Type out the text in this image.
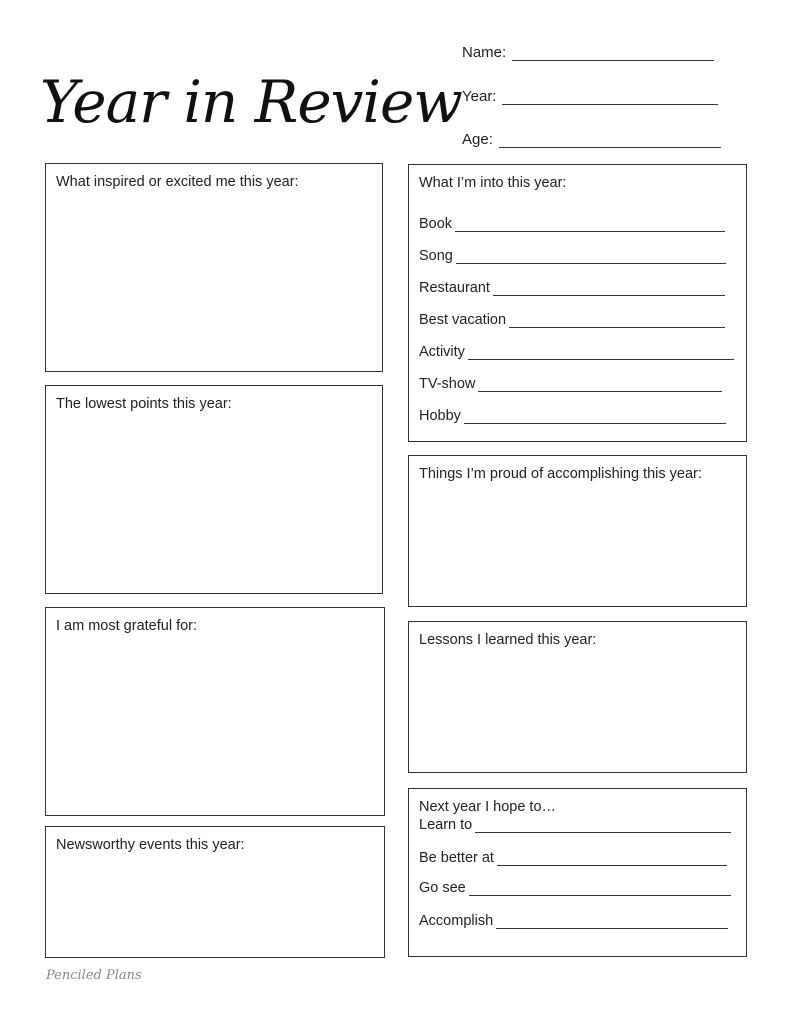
Year in Review
Name:
Year:
Age:
What inspired or excited me this year:
The lowest points this year:
I am most grateful for:
Newsworthy events this year:
What I’m into this year:
Book
Song
Restaurant
Best vacation
Activity
TV-show
Hobby
Things I’m proud of accomplishing this year:
Lessons I learned this year:
Next year I hope to…
Learn to
Be better at
Go see
Accomplish
Penciled Plans
